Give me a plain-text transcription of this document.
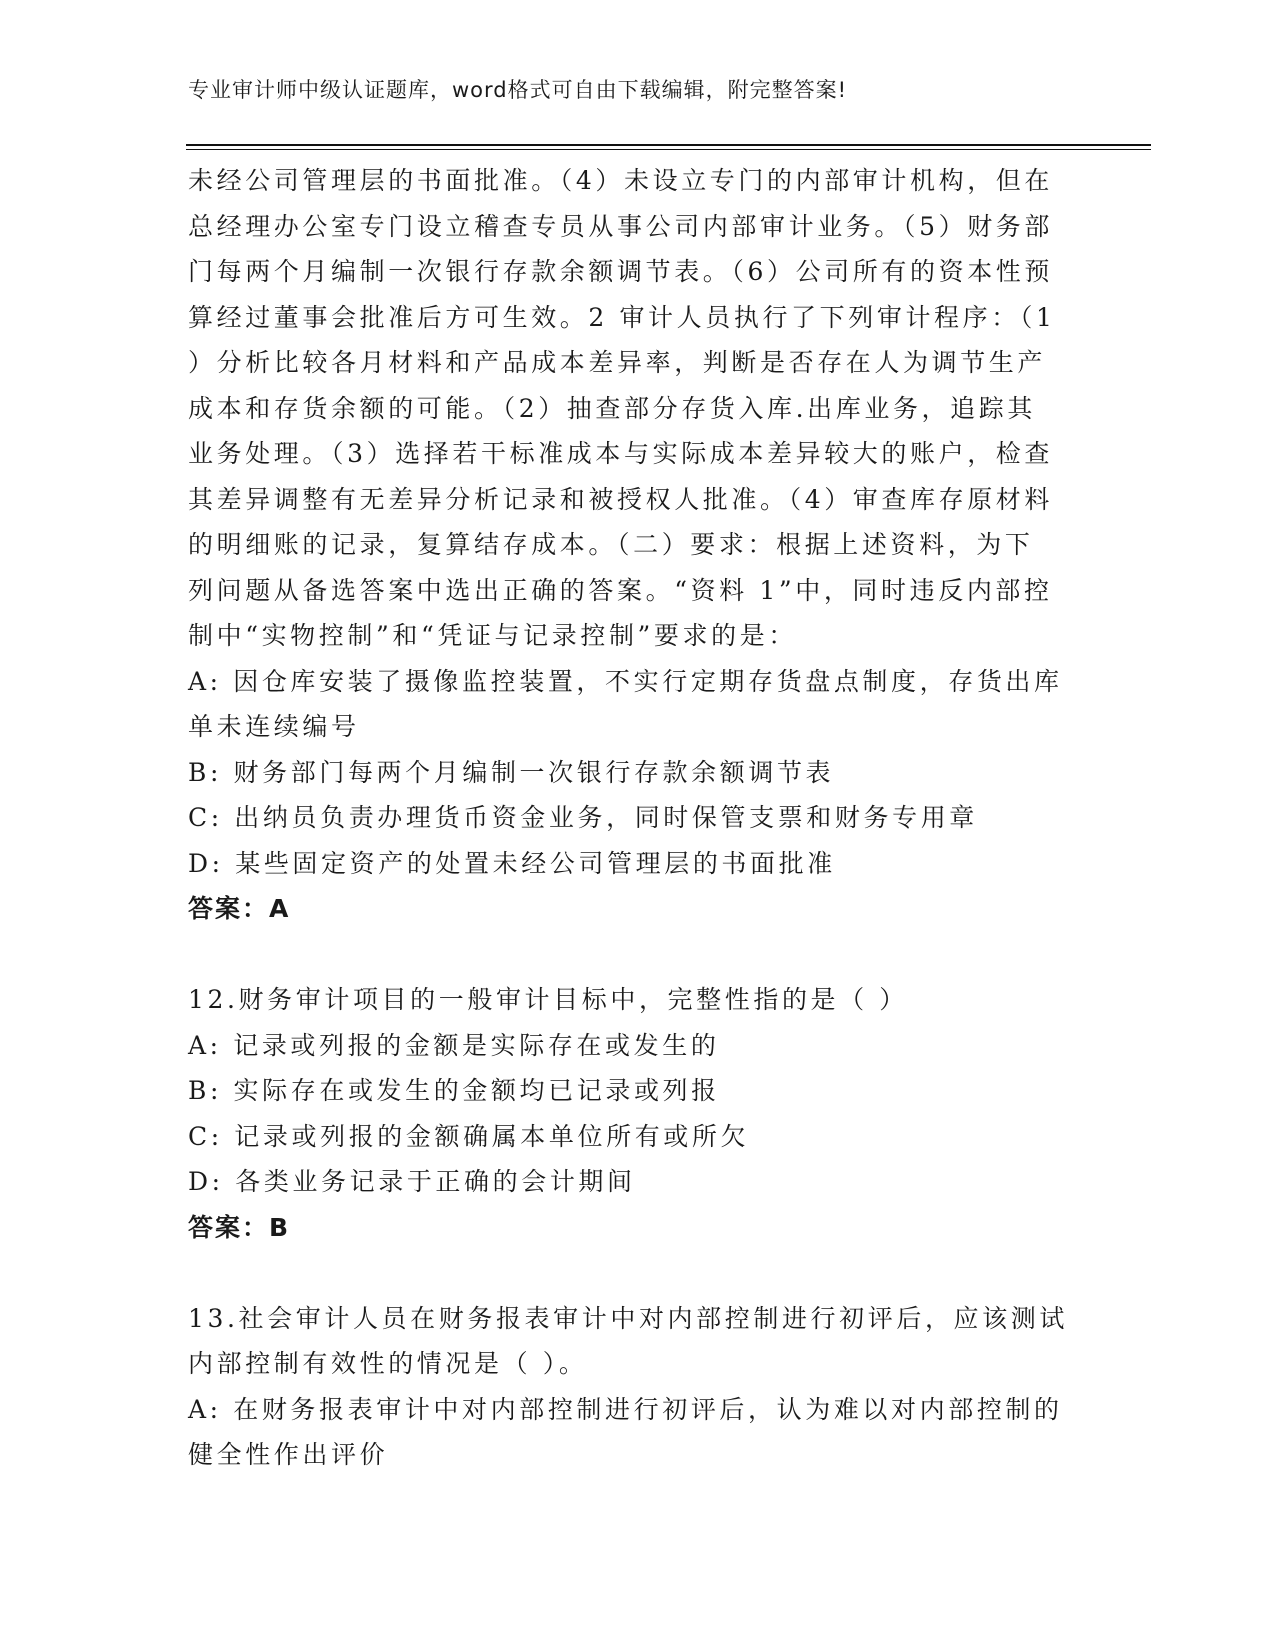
专业审计师中级认证题库，word格式可自由下载编辑，附完整答案!
未经公司管理层的书面批准。（4）未设立专门的内部审计机构，但在
总经理办公室专门设立稽查专员从事公司内部审计业务。（5）财务部
门每两个月编制一次银行存款余额调节表。（6）公司所有的资本性预
算经过董事会批准后方可生效。2 审计人员执行了下列审计程序：（1
）分析比较各月材料和产品成本差异率，判断是否存在人为调节生产
成本和存货余额的可能。（2）抽查部分存货入库.出库业务，追踪其
业务处理。（3）选择若干标准成本与实际成本差异较大的账户，检查
其差异调整有无差异分析记录和被授权人批准。（4）审查库存原材料
的明细账的记录，复算结存成本。（二）要求：根据上述资料，为下
列问题从备选答案中选出正确的答案。“资料 1”中，同时违反内部控
制中“实物控制”和“凭证与记录控制”要求的是：
A: 因仓库安装了摄像监控装置，不实行定期存货盘点制度，存货出库
单未连续编号
B: 财务部门每两个月编制一次银行存款余额调节表
C: 出纳员负责办理货币资金业务，同时保管支票和财务专用章
D: 某些固定资产的处置未经公司管理层的书面批准
答案：A
12.财务审计项目的一般审计目标中，完整性指的是（ ）
A: 记录或列报的金额是实际存在或发生的
B: 实际存在或发生的金额均已记录或列报
C: 记录或列报的金额确属本单位所有或所欠
D: 各类业务记录于正确的会计期间
答案：B
13.社会审计人员在财务报表审计中对内部控制进行初评后，应该测试
内部控制有效性的情况是（ ）。
A: 在财务报表审计中对内部控制进行初评后，认为难以对内部控制的
健全性作出评价
